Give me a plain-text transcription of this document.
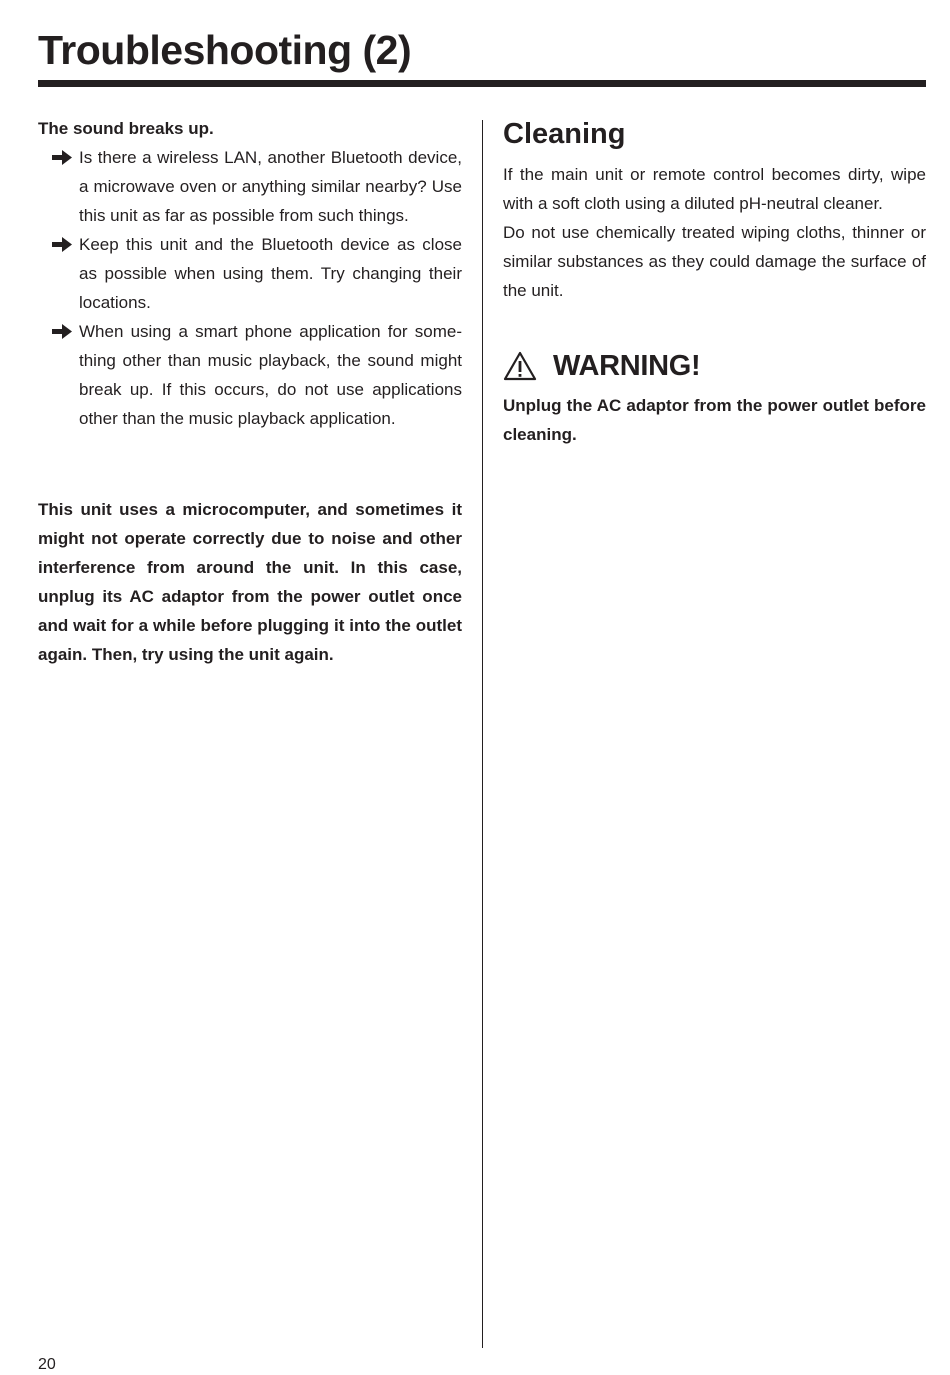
Troubleshooting (2)

The sound breaks up.

Is there a wireless LAN, another Bluetooth device, a microwave oven or anything similar nearby? Use this unit as far as possible from such things.
Keep this unit and the Bluetooth device as close as possible when using them. Try changing their locations.
When using a smart phone application for something other than music playback, the sound might break up. If this occurs, do not use applications other than the music playback application.
This unit uses a microcomputer, and sometimes it might not operate correctly due to noise and other interference from around the unit. In this case, unplug its AC adaptor from the power outlet once and wait for a while before plugging it into the outlet again. Then, try using the unit again.
Cleaning

If the main unit or remote control becomes dirty, wipe with a soft cloth using a diluted pH-neutral cleaner.

Do not use chemically treated wiping cloths, thinner or similar substances as they could damage the surface of the unit.

WARNING!
Unplug the AC adaptor from the power outlet before cleaning.
20
